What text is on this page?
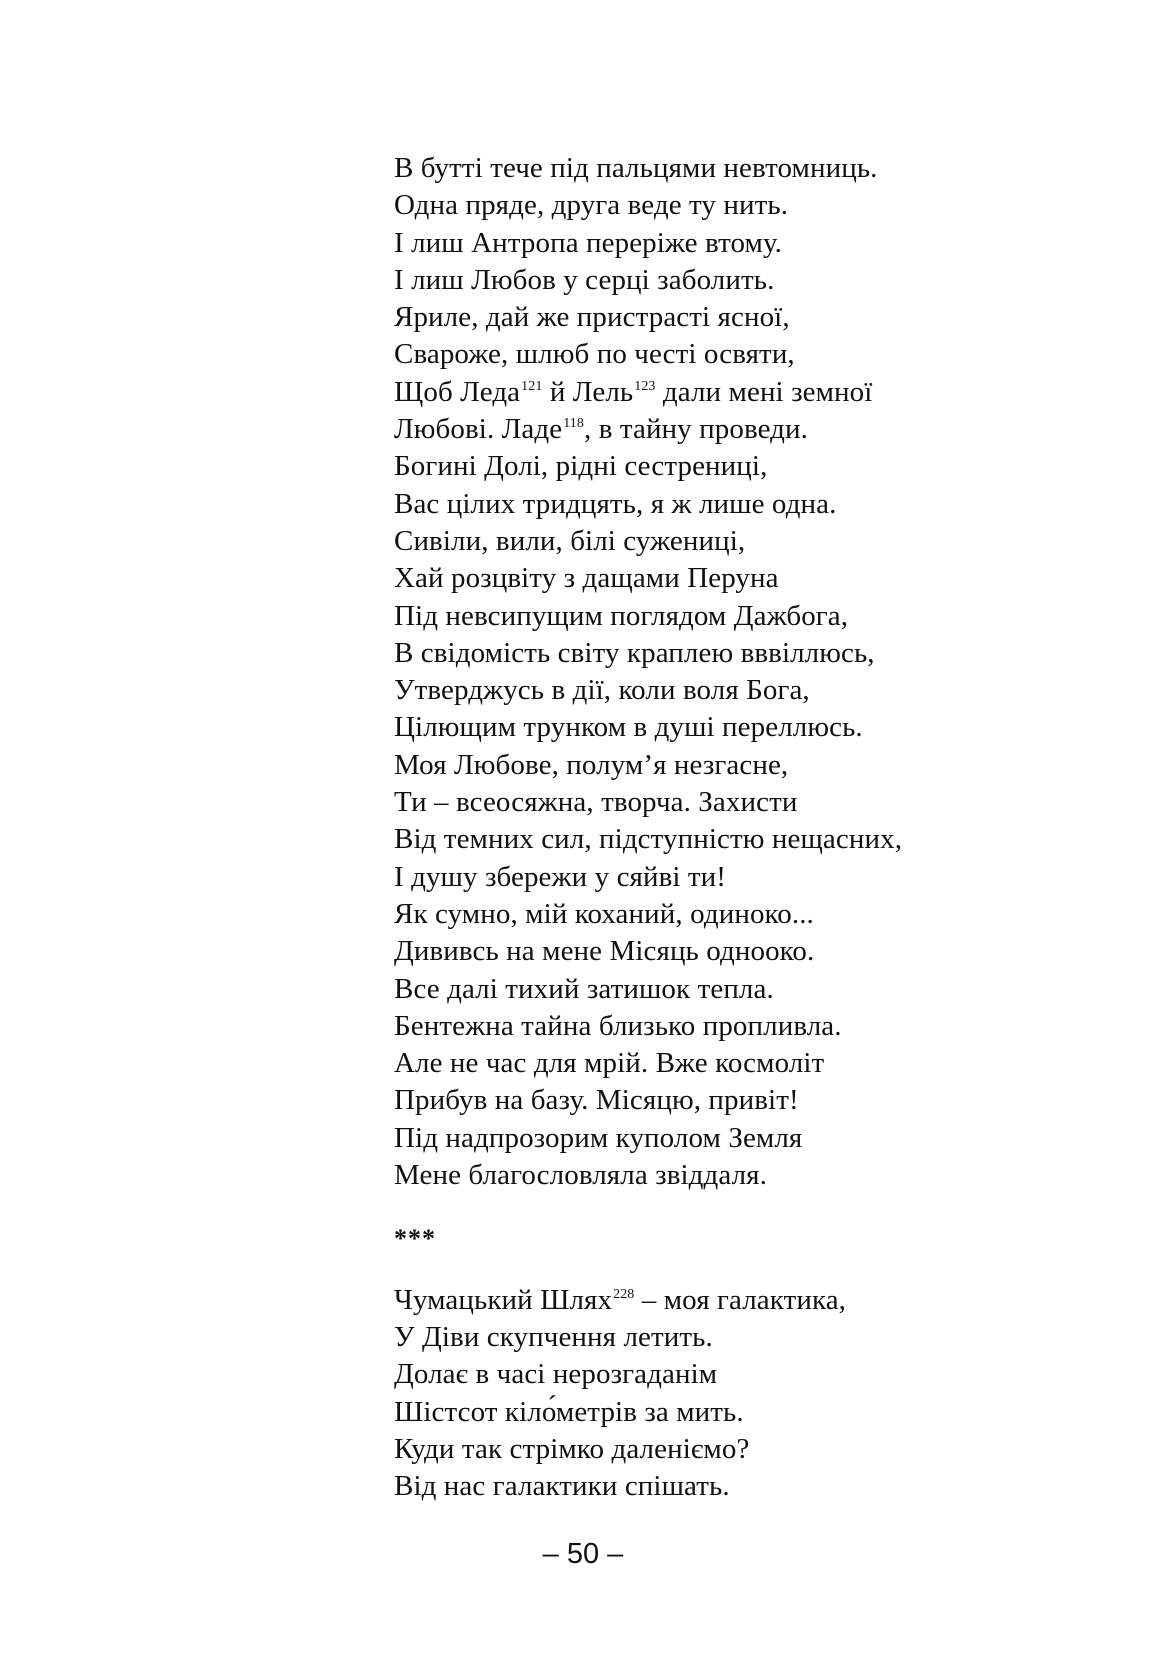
В бутті тече під пальцями невтомниць.
Одна пряде, друга веде ту нить.
І лиш Антропа переріже втому.
І лиш Любов у серці заболить.
Яриле, дай же пристрасті ясної,
Свароже, шлюб по честі освяти,
Щоб Леда$^{121}$ й Лель$^{123}$ дали мені земної
Любові. Ладе$^{118}$, в тайну проведи.
Богині Долі, рідні сестрениці,
Вас цілих тридцять, я ж лише одна.
Сивіли, вили, білі сужениці,
Хай розцвіту з дащами Перуна
Під невсипущим поглядом Дажбога,
В свідомість світу краплею вввіллюсь,
Утверджусь в дії, коли воля Бога,
Цілющим трунком в душі переллюсь.
Моя Любове, полум’я незгасне,
Ти – всеосяжна, творча. Захисти
Від темних сил, підступністю нещасних,
І душу збережи у сяйві ти!
Як сумно, мій коханий, одиноко...
Дививсь на мене Місяць одноoко.
Все далі тихий затишок тепла.
Бентежна тайна близько пропливла.
Але не час для мрій. Вже космоліт
Прибув на базу. Місяцю, привіт!
Під надпрозорим куполом Земля
Мене благословляла звіддаля.
***
Чумацький Шлях$^{228}$ – моя галактика,
У Діви скупчення летить.
Долає в часі нерозгаданім
Шістсот кіло́метрів за мить.
Куди так стрімко даленіємо?
Від нас галактики спішать.
– 50 –
